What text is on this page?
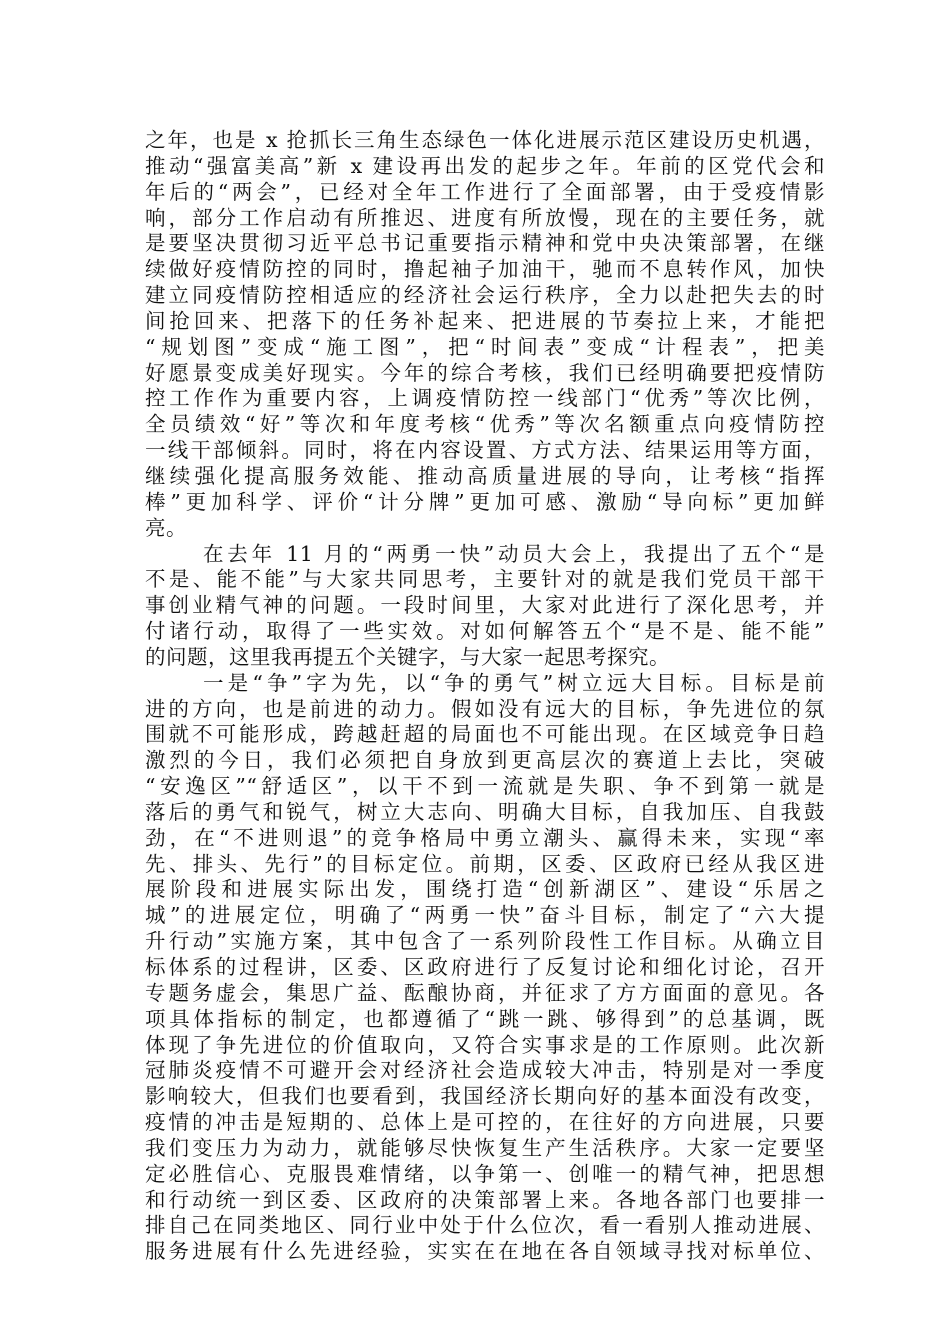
之年，也是 x 抢抓长三角生态绿色一体化进展示范区建设历史机遇，
推动“强富美高”新 x 建设再出发的起步之年。年前的区党代会和
年后的“两会”，已经对全年工作进行了全面部署，由于受疫情影
响，部分工作启动有所推迟、进度有所放慢，现在的主要任务，就
是要坚决贯彻习近平总书记重要指示精神和党中央决策部署，在继
续做好疫情防控的同时，撸起袖子加油干，驰而不息转作风，加快
建立同疫情防控相适应的经济社会运行秩序，全力以赴把失去的时
间抢回来、把落下的任务补起来、把进展的节奏拉上来，才能把
“规划图”变成“施工图”，把“时间表”变成“计程表”，把美
好愿景变成美好现实。今年的综合考核，我们已经明确要把疫情防
控工作作为重要内容，上调疫情防控一线部门“优秀”等次比例，
全员绩效“好”等次和年度考核“优秀”等次名额重点向疫情防控
一线干部倾斜。同时，将在内容设置、方式方法、结果运用等方面，
继续强化提高服务效能、推动高质量进展的导向，让考核“指挥
棒”更加科学、评价“计分牌”更加可感、激励“导向标”更加鲜
亮。
在去年 11 月的“两勇一快”动员大会上，我提出了五个“是
不是、能不能”与大家共同思考，主要针对的就是我们党员干部干
事创业精气神的问题。一段时间里，大家对此进行了深化思考，并
付诸行动，取得了一些实效。对如何解答五个“是不是、能不能”
的问题，这里我再提五个关键字，与大家一起思考探究。
一是“争”字为先，以“争的勇气”树立远大目标。目标是前
进的方向，也是前进的动力。假如没有远大的目标，争先进位的氛
围就不可能形成，跨越赶超的局面也不可能出现。在区域竞争日趋
激烈的今日，我们必须把自身放到更高层次的赛道上去比，突破
“安逸区”“舒适区”，以干不到一流就是失职、争不到第一就是
落后的勇气和锐气，树立大志向、明确大目标，自我加压、自我鼓
劲，在“不进则退”的竞争格局中勇立潮头、赢得未来，实现“率
先、排头、先行”的目标定位。前期，区委、区政府已经从我区进
展阶段和进展实际出发，围绕打造“创新湖区”、建设“乐居之
城”的进展定位，明确了“两勇一快”奋斗目标，制定了“六大提
升行动”实施方案，其中包含了一系列阶段性工作目标。从确立目
标体系的过程讲，区委、区政府进行了反复讨论和细化讨论，召开
专题务虚会，集思广益、酝酿协商，并征求了方方面面的意见。各
项具体指标的制定，也都遵循了“跳一跳、够得到”的总基调，既
体现了争先进位的价值取向，又符合实事求是的工作原则。此次新
冠肺炎疫情不可避开会对经济社会造成较大冲击，特别是对一季度
影响较大，但我们也要看到，我国经济长期向好的基本面没有改变，
疫情的冲击是短期的、总体上是可控的，在往好的方向进展，只要
我们变压力为动力，就能够尽快恢复生产生活秩序。大家一定要坚
定必胜信心、克服畏难情绪，以争第一、创唯一的精气神，把思想
和行动统一到区委、区政府的决策部署上来。各地各部门也要排一
排自己在同类地区、同行业中处于什么位次，看一看别人推动进展、
服务进展有什么先进经验，实实在在地在各自领域寻找对标单位、
